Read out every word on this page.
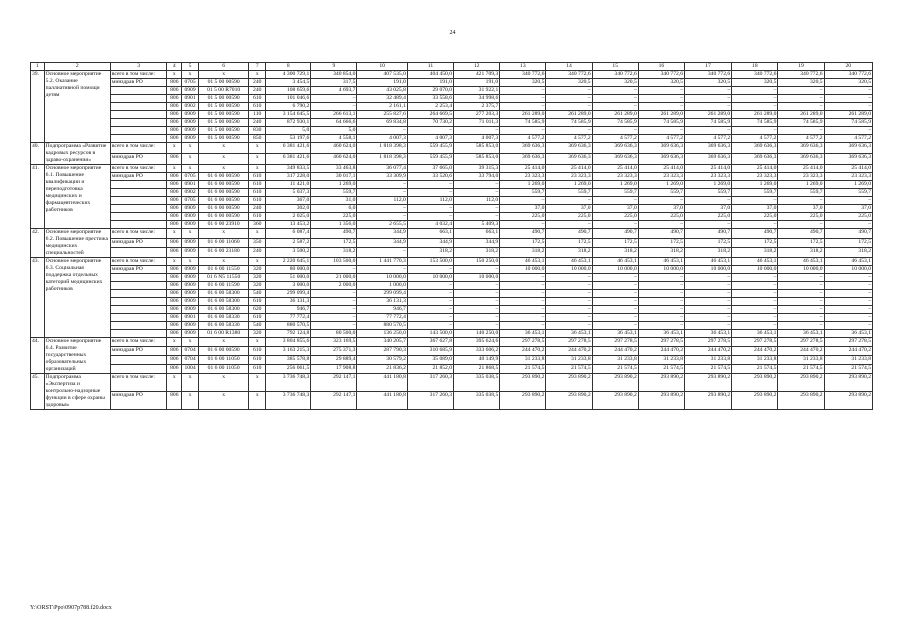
24
1	2	3	4	5	6	7	8	9	10	11	12	13	14	15	16	17	18	19	20
39.	Основное мероприятие 5.2. Оказание паллиативной помощи детям	всего в том числе:	х	х	х	х	4 300 729,1	340 854,0	407 535,0	404 450,0	421 709,3	340 772,6	340 772,6	340 772,6	340 772,6	340 772,6	340 772,6	340 772,6	340 772,6
		минздрав РО	806	0705	01 5 00 00590	240	3 454,5	317,5	191,0	191,0	191,0	320,5	320,5	320,5	320,5	320,5	320,5	320,5	320,5
			806	0909	01 5 00 R7010	240	108 659,6	4 693,7	43 025,8	29 070,0	31 922,1	–	–	–	–	–	–	–	–
			806	0901	01 5 00 00590	610	101 046,6	–	32 489,4	33 558,6	34 998,6	–	–	–	–	–	–	–	–
			806	0902	01 5 00 00590	610	6 790,2	–	2 161,1	2 253,4	2 375,7	–	–	–	–	–	–	–	–
			806	0909	01 5 00 00590	110	3 154 645,5	266 613,1	255 827,6	264 669,5	277 203,3	261 289,0	261 289,0	261 289,0	261 289,0	261 289,0	261 289,0	261 289,0	261 289,0
			806	0909	01 5 00 00590	240	872 930,1	64 666,6	69 834,8	70 730,2	71 011,3	74 585,9	74 585,9	74 585,9	74 585,9	74 585,9	74 585,9	74 585,9	74 585,9
			806	0909	01 5 00 00590	830	5,0	5,0	–	–	–	–	–	–	–	–	–	–	–
			806	0909	01 5 00 00590	850	53 197,6	4 558,1	4 007,3	4 007,3	4 007,3	4 577,2	4 577,2	4 577,2	4 577,2	4 577,2	4 577,2	4 577,2	4 577,2
40.	Подпрограмма «Развитие кадровых ресурсов в здраво-охранении»	всего в том числе:	х	х	х	х	6 381 421,6	460 624,0	1 818 398,3	559 455,9	585 853,0	369 636,3	369 636,3	369 636,3	369 636,3	369 636,3	369 636,3	369 636,3	369 636,3
		минздрав РО	806	х	х	х	6 381 421,6	460 624,0	1 818 398,3	559 455,9	585 853,0	369 636,3	369 636,3	369 636,3	369 636,3	369 636,3	369 636,3	369 636,3	369 636,3
41.	Основное мероприятие 6.1. Повышение квалификации и переподготовка медицинских и фармацевтических работников	всего в том числе:	х	х	х	х	349 833,5	33 463,8	36 077,4	37 665,0	39 315,3	25 414,0	25 414,0	25 414,0	25 414,0	25 414,0	25 414,0	25 414,0	25 414,0
		минздрав РО	806	0705	01 6 00 00590	610	317 228,0	30 017,1	33 309,9	33 520,6	33 794,0	23 323,3	23 323,3	23 323,3	23 323,3	23 323,3	23 323,3	23 323,3	23 323,3
			806	0901	01 6 00 00590	610	11 421,0	1 269,0	–	–	–	1 269,0	1 269,0	1 269,0	1 269,0	1 269,0	1 269,0	1 269,0	1 269,0
			806	0902	01 6 00 00590	610	5 037,3	559,7	–	–	–	559,7	559,7	559,7	559,7	559,7	559,7	559,7	559,7
			806	0705	01 6 00 00590	610	367,0	31,0	112,0	112,0	112,0	–	–	–	–	–	–	–	–
			806	0909	01 6 00 00590	240	302,0	6,0	–	–	–	37,0	37,0	37,0	37,0	37,0	37,0	37,0	37,0
			806	0909	01 6 00 00590	610	2 025,0	225,0	–	–	–	225,0	225,0	225,0	225,0	225,0	225,0	225,0	225,0
			806	0909	01 6 00 23910	360	13 453,2	1 356,0	2 655,5	4 032,4	5 409,3	–	–	–	–	–	–	–	–
42.	Основное мероприятие 6.2. Повышение престижа медицинских специальностей	всего в том числе:	х	х	х	х	6 087,4	490,7	344,9	663,1	663,1	490,7	490,7	490,7	490,7	490,7	490,7	490,7	490,7
		минздрав РО	806	0909	01 6 00 11060	350	2 587,2	172,5	344,9	344,9	344,9	172,5	172,5	172,5	172,5	172,5	172,5	172,5	172,5
			806	0909	01 6 00 23180	240	3 500,2	318,2	–	318,2	318,2	318,2	318,2	318,2	318,2	318,2	318,2	318,2	318,2
43.	Основное мероприятие 6.3. Социальная поддержка отдельных категорий медицинских работников	всего в том числе:	х	х	х	х	2 220 645,1	103 500,0	1 441 770,3	153 500,0	150 250,0	46 453,1	46 453,1	46 453,1	46 453,1	46 453,1	46 453,1	46 453,1	46 453,1
		минздрав РО	806	0909	01 6 00 11550	320	80 000,0	–	–	–	–	10 000,0	10 000,0	10 000,0	10 000,0	10 000,0	10 000,0	10 000,0	10 000,0
			806	0909	01 6 N5 11550	320	51 000,0	21 000,0	10 000,0	10 000,0	10 000,0	–	–	–	–	–	–	–	–
			806	0909	01 6 00 11590	320	3 000,0	2 000,0	1 000,0	–	–	–	–	–	–	–	–	–	–
			806	0909	01 6 00 58300	540	299 099,4	–	299 099,4	–	–	–	–	–	–	–	–	–	–
			806	0909	01 6 00 58300	610	36 131,3	–	36 131,3	–	–	–	–	–	–	–	–	–	–
			806	0909	01 6 00 58300	620	946,7	–	946,7	–	–	–	–	–	–	–	–	–	–
			806	0901	01 6 00 58330	610	77 772,4	–	77 772,4	–	–	–	–	–	–	–	–	–	–
			806	0909	01 6 00 58330	540	880 570,5	–	880 570,5	–	–	–	–	–	–	–	–	–	–
			806	0909	01 6 00 R1380	320	792 124,8	80 500,0	136 250,0	143 500,0	140 250,0	36 453,1	36 453,1	36 453,1	36 453,1	36 453,1	36 453,1	36 453,1	36 453,1
44.	Основное мероприятие 6.4. Развитие государственных образовательных организаций	всего в том числе:	х	х	х	х	3 804 855,6	323 169,5	340 205,7	367 627,8	395 624,6	297 278,5	297 278,5	297 278,5	297 278,5	297 278,5	297 278,5	297 278,5	297 278,5
		минздрав РО	806	0704	01 6 00 00590	610	3 163 215,3	275 371,3	287 790,3	310 685,9	333 606,2	244 470,2	244 470,2	244 470,2	244 470,2	244 470,2	244 470,2	244 470,2	244 470,2
			806	0704	01 6 00 11050	610	385 578,8	29 889,4	30 579,2	35 089,0	40 149,9	31 233,8	31 233,8	31 233,8	31 233,8	31 233,8	31 233,8	31 233,8	31 233,8
			806	1004	01 6 00 11050	610	256 061,5	17 908,8	21 836,2	21 852,0	21 868,5	21 574,5	21 574,5	21 574,5	21 574,5	21 574,5	21 574,5	21 574,5	21 574,5
45.	Подпрограмма «Экспертиза и контрольно-надзорные функции в сфере охраны здоровья»	всего в том числе:	х	х	х	х	3 736 748,3	292 147,1	441 180,8	317 260,3	335 038,5	293 890,2	293 890,2	293 890,2	293 890,2	293 890,2	293 890,2	293 890,2	293 890,2
		минздрав РО	806	х	х	х	3 736 748,3	292 147,1	441 180,8	317 260,3	335 038,5	293 890,2	293 890,2	293 890,2	293 890,2	293 890,2	293 890,2	293 890,2	293 890,2
Y:\ORST\Ppo\0907p788.f20.docx
